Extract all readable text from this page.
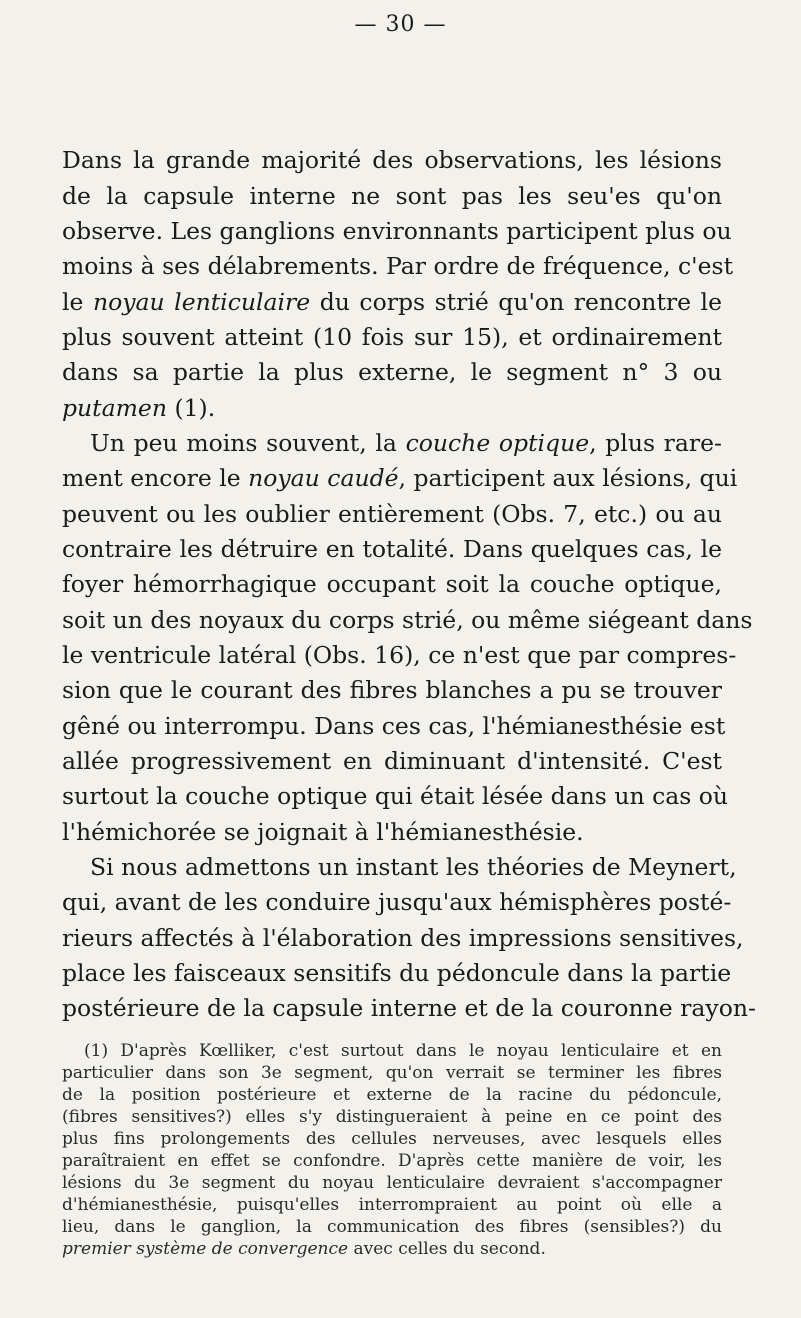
— 30 —
Dans la grande majorité des observations, les lésions
de la capsule interne ne sont pas les seu'es qu'on
observe. Les ganglions environnants participent plus ou
moins à ses délabrements. Par ordre de fréquence, c'est
le noyau lenticulaire du corps strié qu'on rencontre le
plus souvent atteint (10 fois sur 15), et ordinairement
dans sa partie la plus externe, le segment n° 3 ou
putamen (1).
Un peu moins souvent, la couche optique, plus rare-
ment encore le noyau caudé, participent aux lésions, qui
peuvent ou les oublier entièrement (Obs. 7, etc.) ou au
contraire les détruire en totalité. Dans quelques cas, le
foyer hémorrhagique occupant soit la couche optique,
soit un des noyaux du corps strié, ou même siégeant dans
le ventricule latéral (Obs. 16), ce n'est que par compres-
sion que le courant des fibres blanches a pu se trouver
gêné ou interrompu. Dans ces cas, l'hémianesthésie est
allée progressivement en diminuant d'intensité. C'est
surtout la couche optique qui était lésée dans un cas où
l'hémichorée se joignait à l'hémianesthésie.
Si nous admettons un instant les théories de Meynert,
qui, avant de les conduire jusqu'aux hémisphères posté-
rieurs affectés à l'élaboration des impressions sensitives,
place les faisceaux sensitifs du pédoncule dans la partie
postérieure de la capsule interne et de la couronne rayon-
(1) D'après Kœlliker, c'est surtout dans le noyau lenticulaire et en
particulier dans son 3e segment, qu'on verrait se terminer les fibres
de la position postérieure et externe de la racine du pédoncule,
(fibres sensitives?) elles s'y distingueraient à peine en ce point des
plus fins prolongements des cellules nerveuses, avec lesquels elles
paraîtraient en effet se confondre. D'après cette manière de voir, les
lésions du 3e segment du noyau lenticulaire devraient s'accompagner
d'hémianesthésie, puisqu'elles interrompraient au point où elle a
lieu, dans le ganglion, la communication des fibres (sensibles?) du
premier système de convergence avec celles du second.
